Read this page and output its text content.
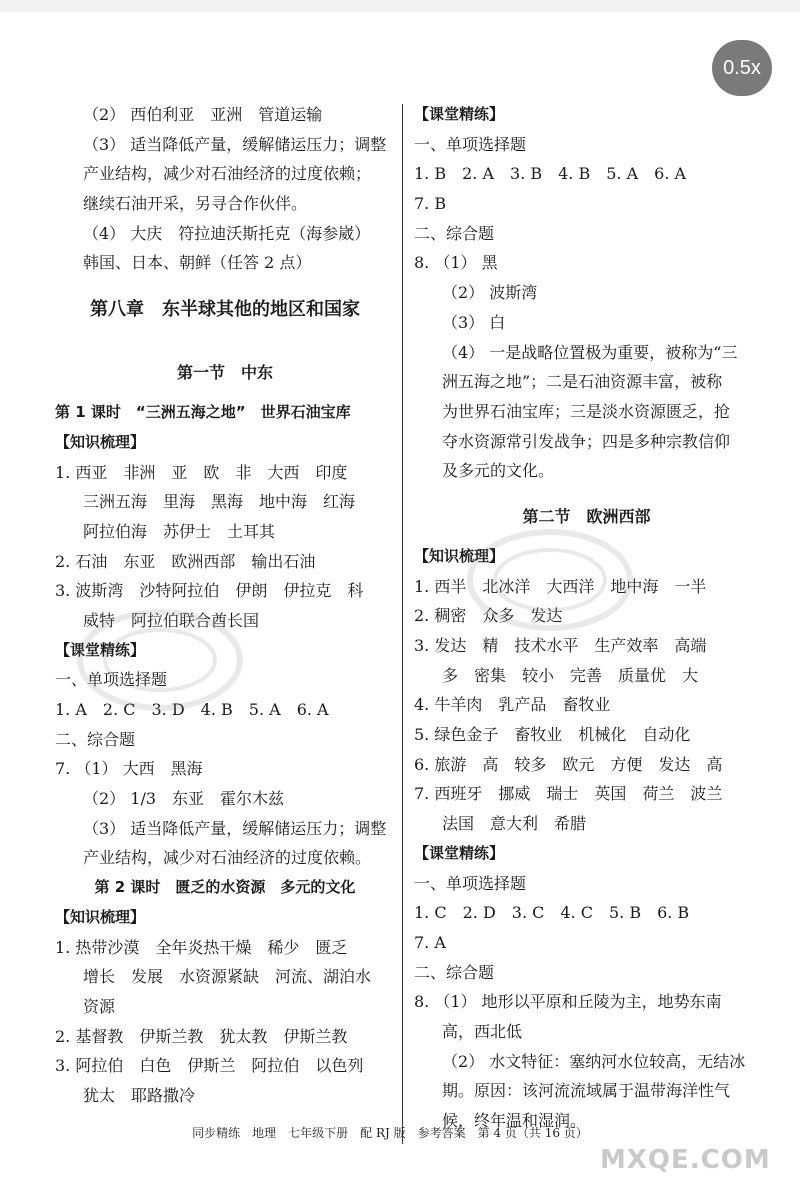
0.5x
（2） 西伯利亚　亚洲　管道运输
（3） 适当降低产量，缓解储运压力；调整
产业结构，减少对石油经济的过度依赖；
继续石油开采，另寻合作伙伴。
（4） 大庆　符拉迪沃斯托克（海参崴）
韩国、日本、朝鲜（任答 2 点）
第八章　东半球其他的地区和国家
第一节　中东
第 1 课时　“三洲五海之地”　世界石油宝库
【知识梳理】
1. 西亚　非洲　亚　欧　非　大西　印度
三洲五海　里海　黑海　地中海　红海
阿拉伯海　苏伊士　土耳其
2. 石油　东亚　欧洲西部　输出石油
3. 波斯湾　沙特阿拉伯　伊朗　伊拉克　科
威特　阿拉伯联合酋长国
【课堂精练】
一、单项选择题
1. A　2. C　3. D　4. B　5. A　6. A
二、综合题
7. （1） 大西　黑海
（2） 1/3　东亚　霍尔木兹
（3） 适当降低产量，缓解储运压力；调整
产业结构，减少对石油经济的过度依赖。
第 2 课时　匮乏的水资源　多元的文化
【知识梳理】
1. 热带沙漠　全年炎热干燥　稀少　匮乏
增长　发展　水资源紧缺　河流、湖泊水
资源
2. 基督教　伊斯兰教　犹太教　伊斯兰教
3. 阿拉伯　白色　伊斯兰　阿拉伯　以色列
犹太　耶路撒冷
【课堂精练】
一、单项选择题
1. B　2. A　3. B　4. B　5. A　6. A
7. B
二、综合题
8. （1） 黑
（2） 波斯湾
（3） 白
（4） 一是战略位置极为重要，被称为“三
洲五海之地”；二是石油资源丰富，被称
为世界石油宝库；三是淡水资源匮乏，抢
夺水资源常引发战争；四是多种宗教信仰
及多元的文化。
第二节　欧洲西部
【知识梳理】
1. 西半　北冰洋　大西洋　地中海　一半
2. 稠密　众多　发达
3. 发达　精　技术水平　生产效率　高端
多　密集　较小　完善　质量优　大
4. 牛羊肉　乳产品　畜牧业
5. 绿色金子　畜牧业　机械化　自动化
6. 旅游　高　较多　欧元　方便　发达　高
7. 西班牙　挪威　瑞士　英国　荷兰　波兰
法国　意大利　希腊
【课堂精练】
一、单项选择题
1. C　2. D　3. C　4. C　5. B　6. B
7. A
二、综合题
8. （1） 地形以平原和丘陵为主，地势东南
高，西北低
（2） 水文特征：塞纳河水位较高，无结冰
期。原因：该河流流域属于温带海洋性气
候，终年温和湿润。
同步精练　地理　七年级下册　配 RJ 版　参考答案　第 4 页（共 16 页）
MXQE.COM
